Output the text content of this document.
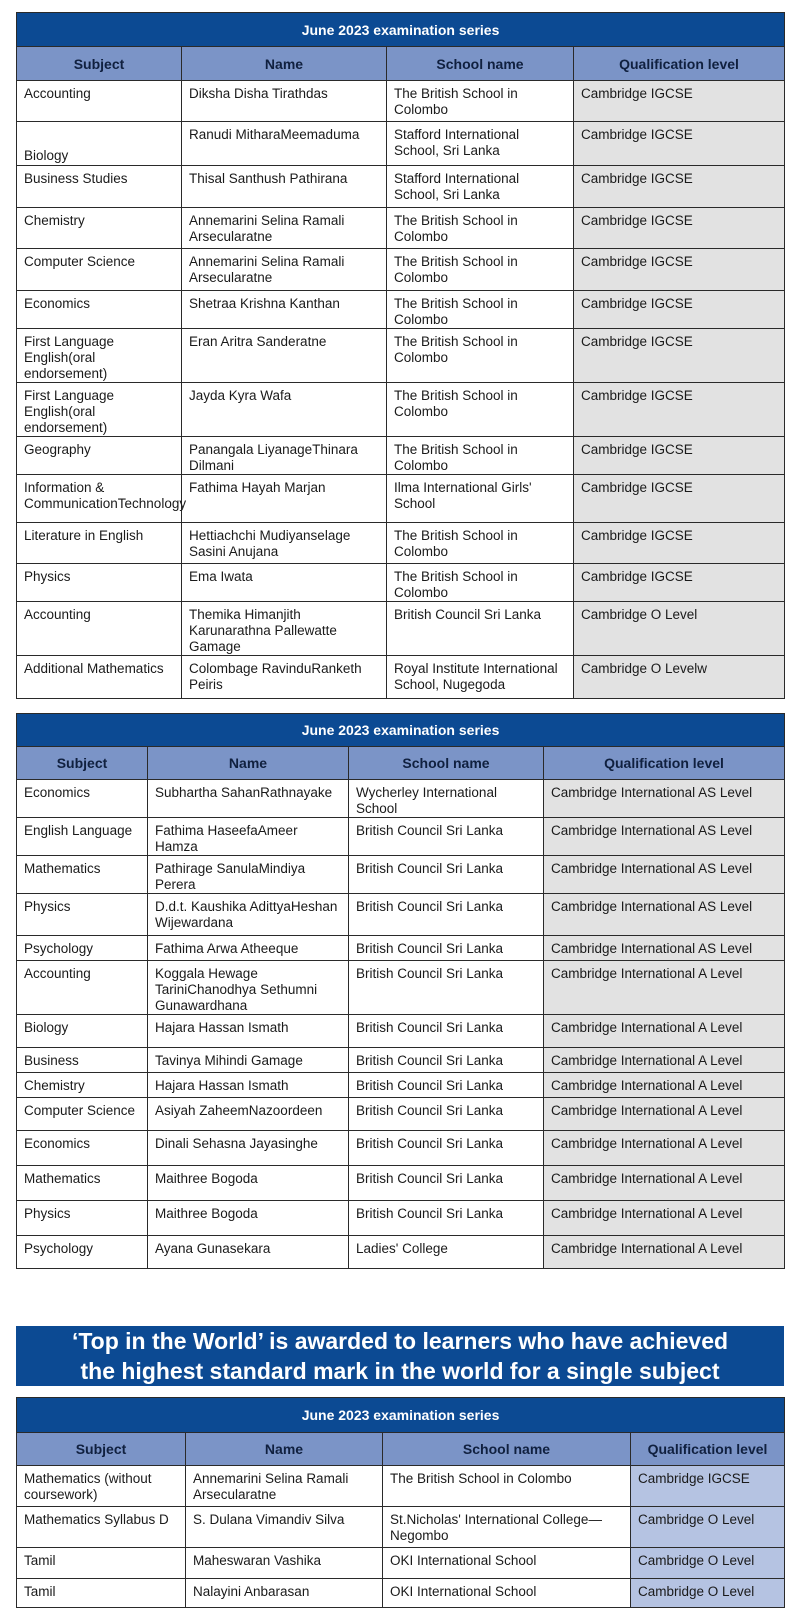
June 2023 examination series			
Subject	Name	School name	Qualification level
Accounting	Diksha Disha Tirathdas	The British School in Colombo	Cambridge IGCSE
Biology	Ranudi MitharaMeemaduma	Stafford International School, Sri Lanka	Cambridge IGCSE
Business Studies	Thisal Santhush Pathirana	Stafford International School, Sri Lanka	Cambridge IGCSE
Chemistry	Annemarini Selina Ramali Arsecularatne	The British School in Colombo	Cambridge IGCSE
Computer Science	Annemarini Selina Ramali Arsecularatne	The British School in Colombo	Cambridge IGCSE
Economics	Shetraa Krishna Kanthan	The British School in Colombo	Cambridge IGCSE
First Language English(oral endorsement)	Eran Aritra Sanderatne	The British School in Colombo	Cambridge IGCSE
First Language English(oral endorsement)	Jayda Kyra Wafa	The British School in Colombo	Cambridge IGCSE
Geography	Panangala LiyanageThinara Dilmani	The British School in Colombo	Cambridge IGCSE
Information & CommunicationTechnology	Fathima Hayah Marjan	Ilma International Girls' School	Cambridge IGCSE
Literature in English	Hettiachchi Mudiyanselage Sasini Anujana	The British School in Colombo	Cambridge IGCSE
Physics	Ema Iwata	The British School in Colombo	Cambridge IGCSE
Accounting	Themika Himanjith Karunarathna Pallewatte Gamage	British Council Sri Lanka	Cambridge O Level
Additional Mathematics	Colombage RavinduRanketh Peiris	Royal Institute International School, Nugegoda	Cambridge O Levelw
June 2023 examination series			
Subject	Name	School name	Qualification level
Economics	Subhartha SahanRathnayake	Wycherley International School	Cambridge International AS Level
English Language	Fathima HaseefaAmeer Hamza	British Council Sri Lanka	Cambridge International AS Level
Mathematics	Pathirage SanulaMindiya Perera	British Council Sri Lanka	Cambridge International AS Level
Physics	D.d.t. Kaushika AdittyaHeshan Wijewardana	British Council Sri Lanka	Cambridge International AS Level
Psychology	Fathima Arwa Atheeque	British Council Sri Lanka	Cambridge International AS Level
Accounting	Koggala Hewage TariniChanodhya Sethumni Gunawardhana	British Council Sri Lanka	Cambridge International A Level
Biology	Hajara Hassan Ismath	British Council Sri Lanka	Cambridge International A Level
Business	Tavinya Mihindi Gamage	British Council Sri Lanka	Cambridge International A Level
Chemistry	Hajara Hassan Ismath	British Council Sri Lanka	Cambridge International A Level
Computer Science	Asiyah ZaheemNazoordeen	British Council Sri Lanka	Cambridge International A Level
Economics	Dinali Sehasna Jayasinghe	British Council Sri Lanka	Cambridge International A Level
Mathematics	Maithree Bogoda	British Council Sri Lanka	Cambridge International A Level
Physics	Maithree Bogoda	British Council Sri Lanka	Cambridge International A Level
Psychology	Ayana Gunasekara	Ladies' College	Cambridge International A Level
‘Top in the World’ is awarded to learners who have achieved
the highest standard mark in the world for a single subject
June 2023 examination series			
Subject	Name	School name	Qualification level
Mathematics (without coursework)	Annemarini Selina Ramali Arsecularatne	The British School in Colombo	Cambridge IGCSE
Mathematics Syllabus D	S. Dulana Vimandiv Silva	St.Nicholas' International College—Negombo	Cambridge O Level
Tamil	Maheswaran Vashika	OKI International School	Cambridge O Level
Tamil	Nalayini Anbarasan	OKI International School	Cambridge O Level
